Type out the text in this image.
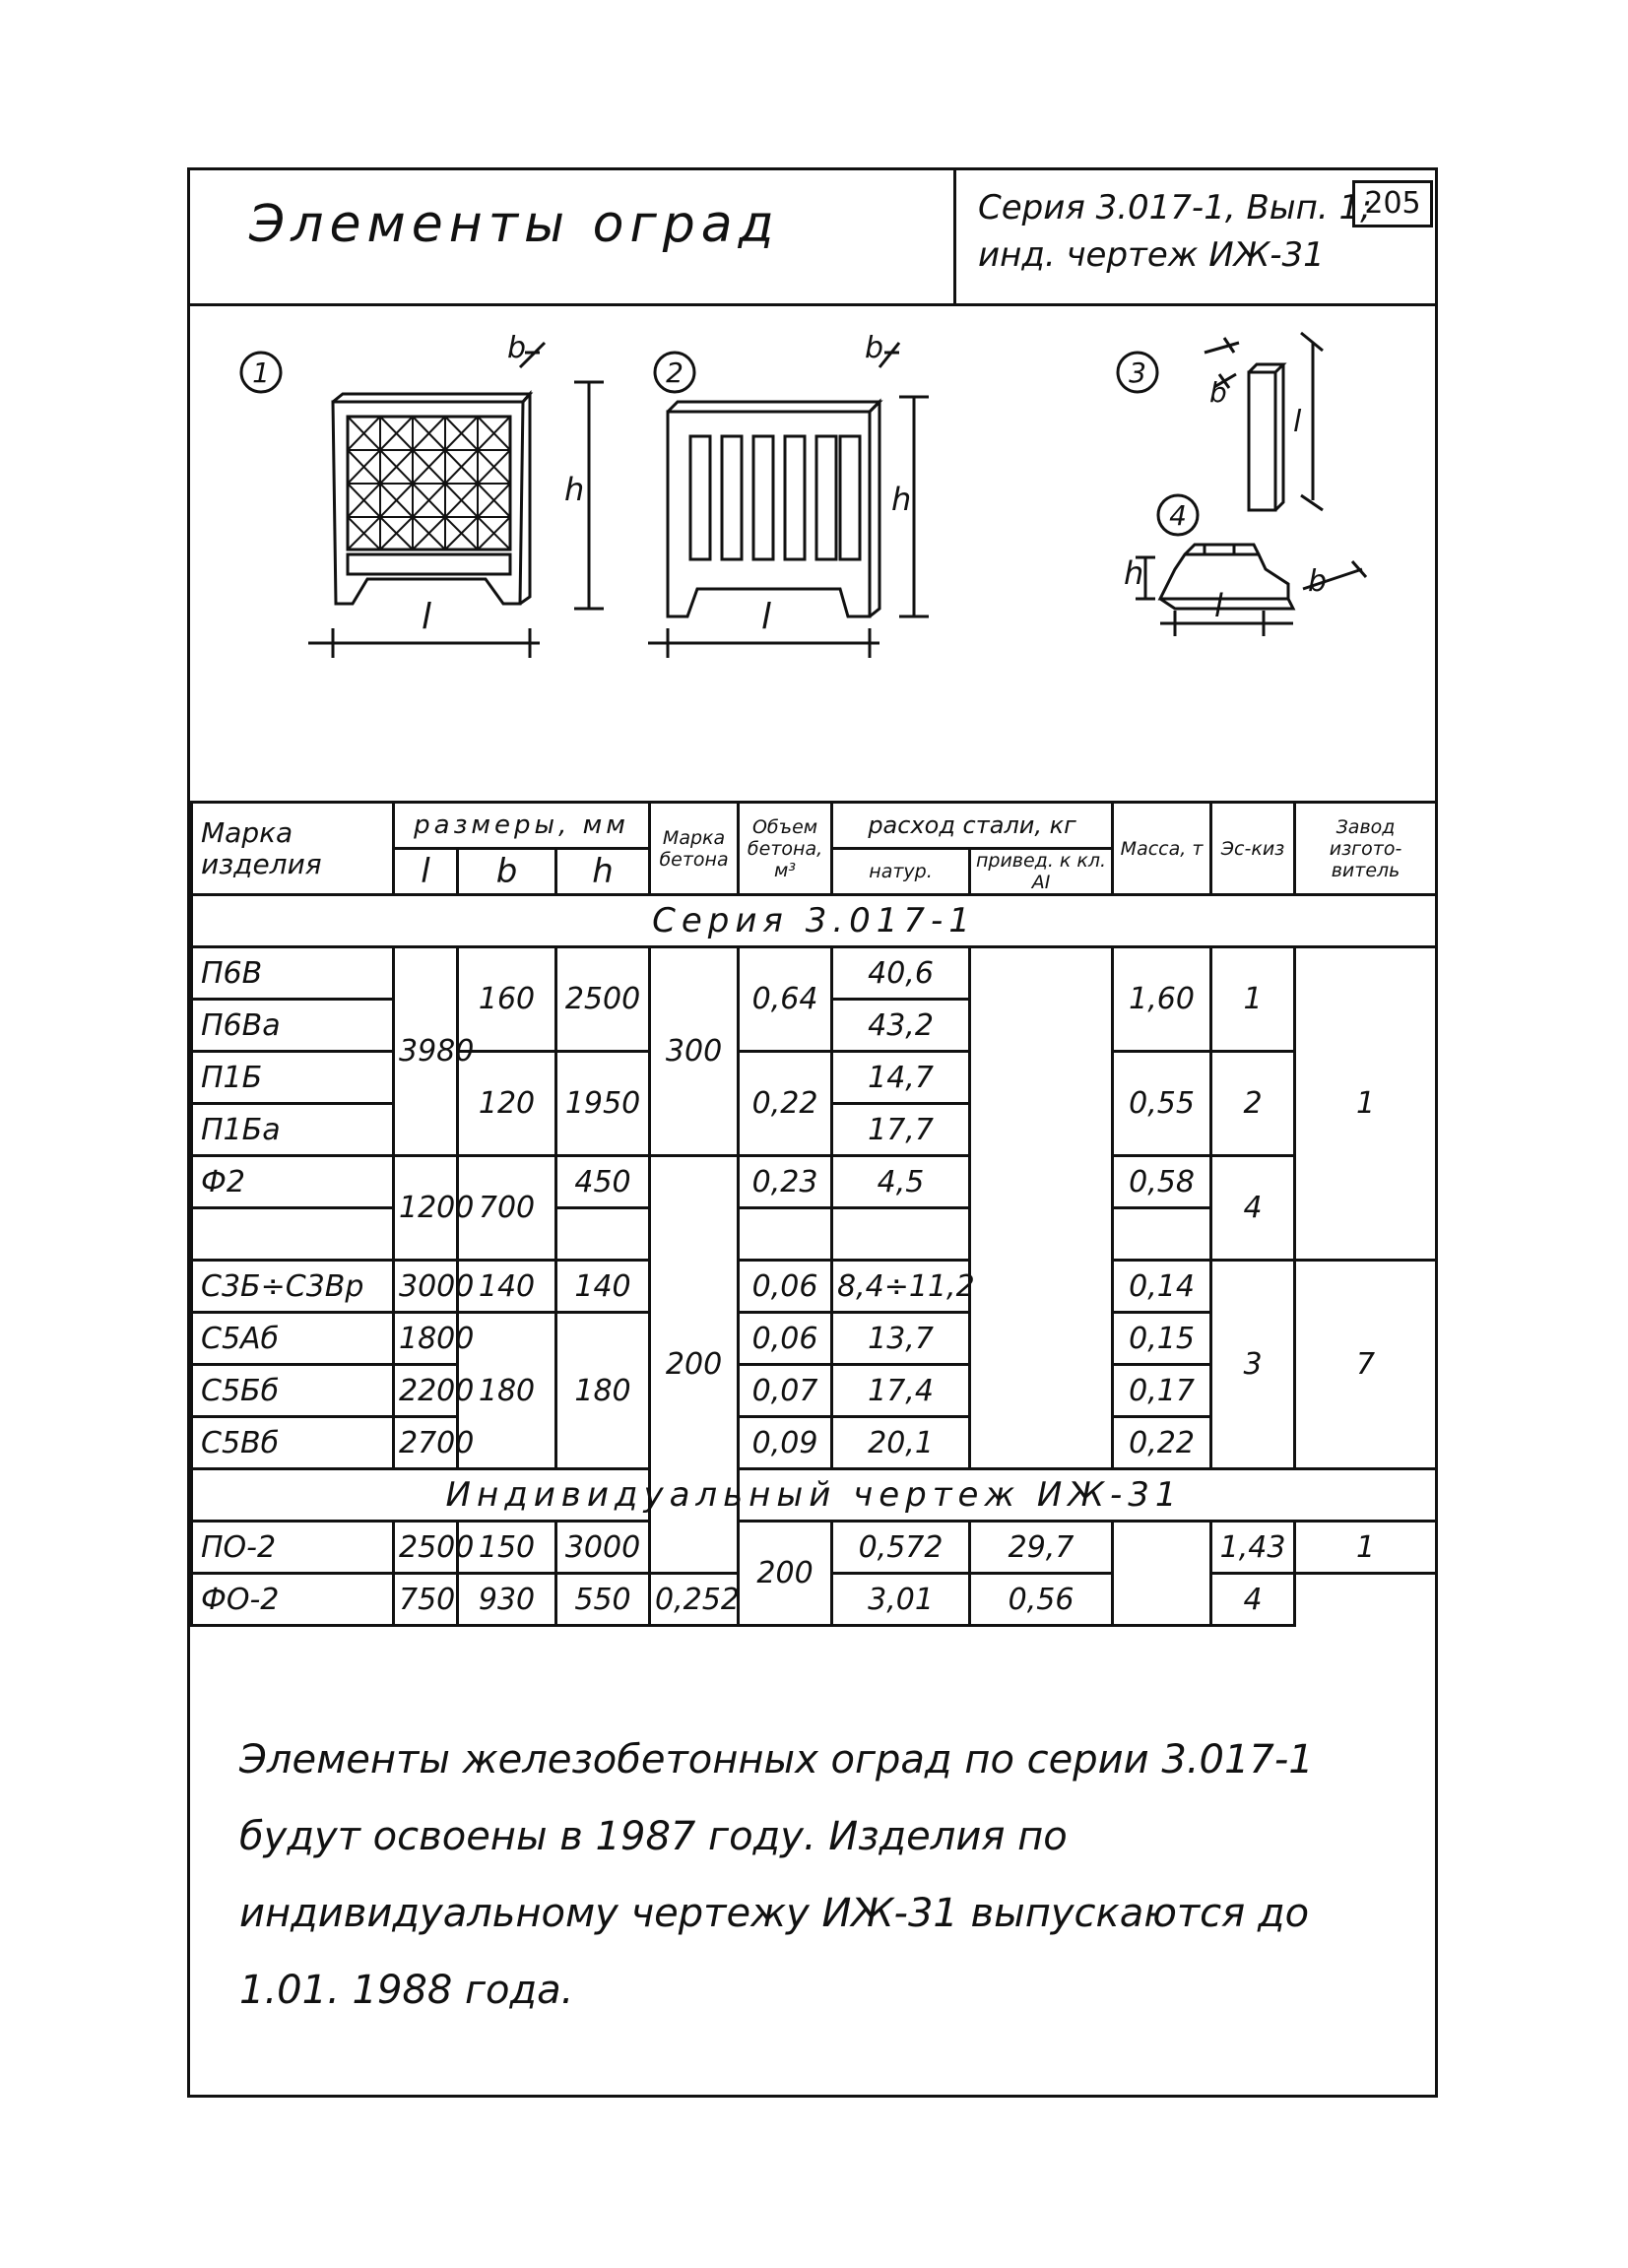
Элементы оград	Серия 3.017-1, Вып. 1;
инд. чертеж ИЖ-31
205
1	2	3
4
l	l	l
h	h
h
l
b	b
b
b
Марка изделия	размеры, мм			Марка бетона	Объем бетона, м³	расход стали, кг		Масса, т	Эс-киз	Завод изгото-витель	
	l	b	h			натур.	привед. к кл. AI				
Серия 3.017-1											
П6В	3980	160	2500	300	0,64	40,6		1,60	1	1	
П6Ва						43,2					
П1Б		120	1950		0,22	14,7		0,55	2		
П1Ба						17,7					
Ф2	1200	700	450	200	0,23	4,5		0,58	4		

С3Б÷С3Вр	3000	140	140		0,06	8,4÷11,2		0,14	3	7	
С5Аб	1800	180	180		0,06	13,7		0,15			
С5Бб	2200				0,07	17,4		0,17			
С5Вб	2700				0,09	20,1		0,22			
Индивидуальный чертеж ИЖ-31											
ПО-2	2500	150	3000		200	0,572	29,7		1,43	1	
ФО-2	750	930	550	0,252		3,01	0,56		4		
Элементы железобетонных оград по серии 3.017-1 будут освоены в 1987 году. Изделия по индивидуальному чертежу ИЖ-31 выпускаются до 1.01. 1988 года.
